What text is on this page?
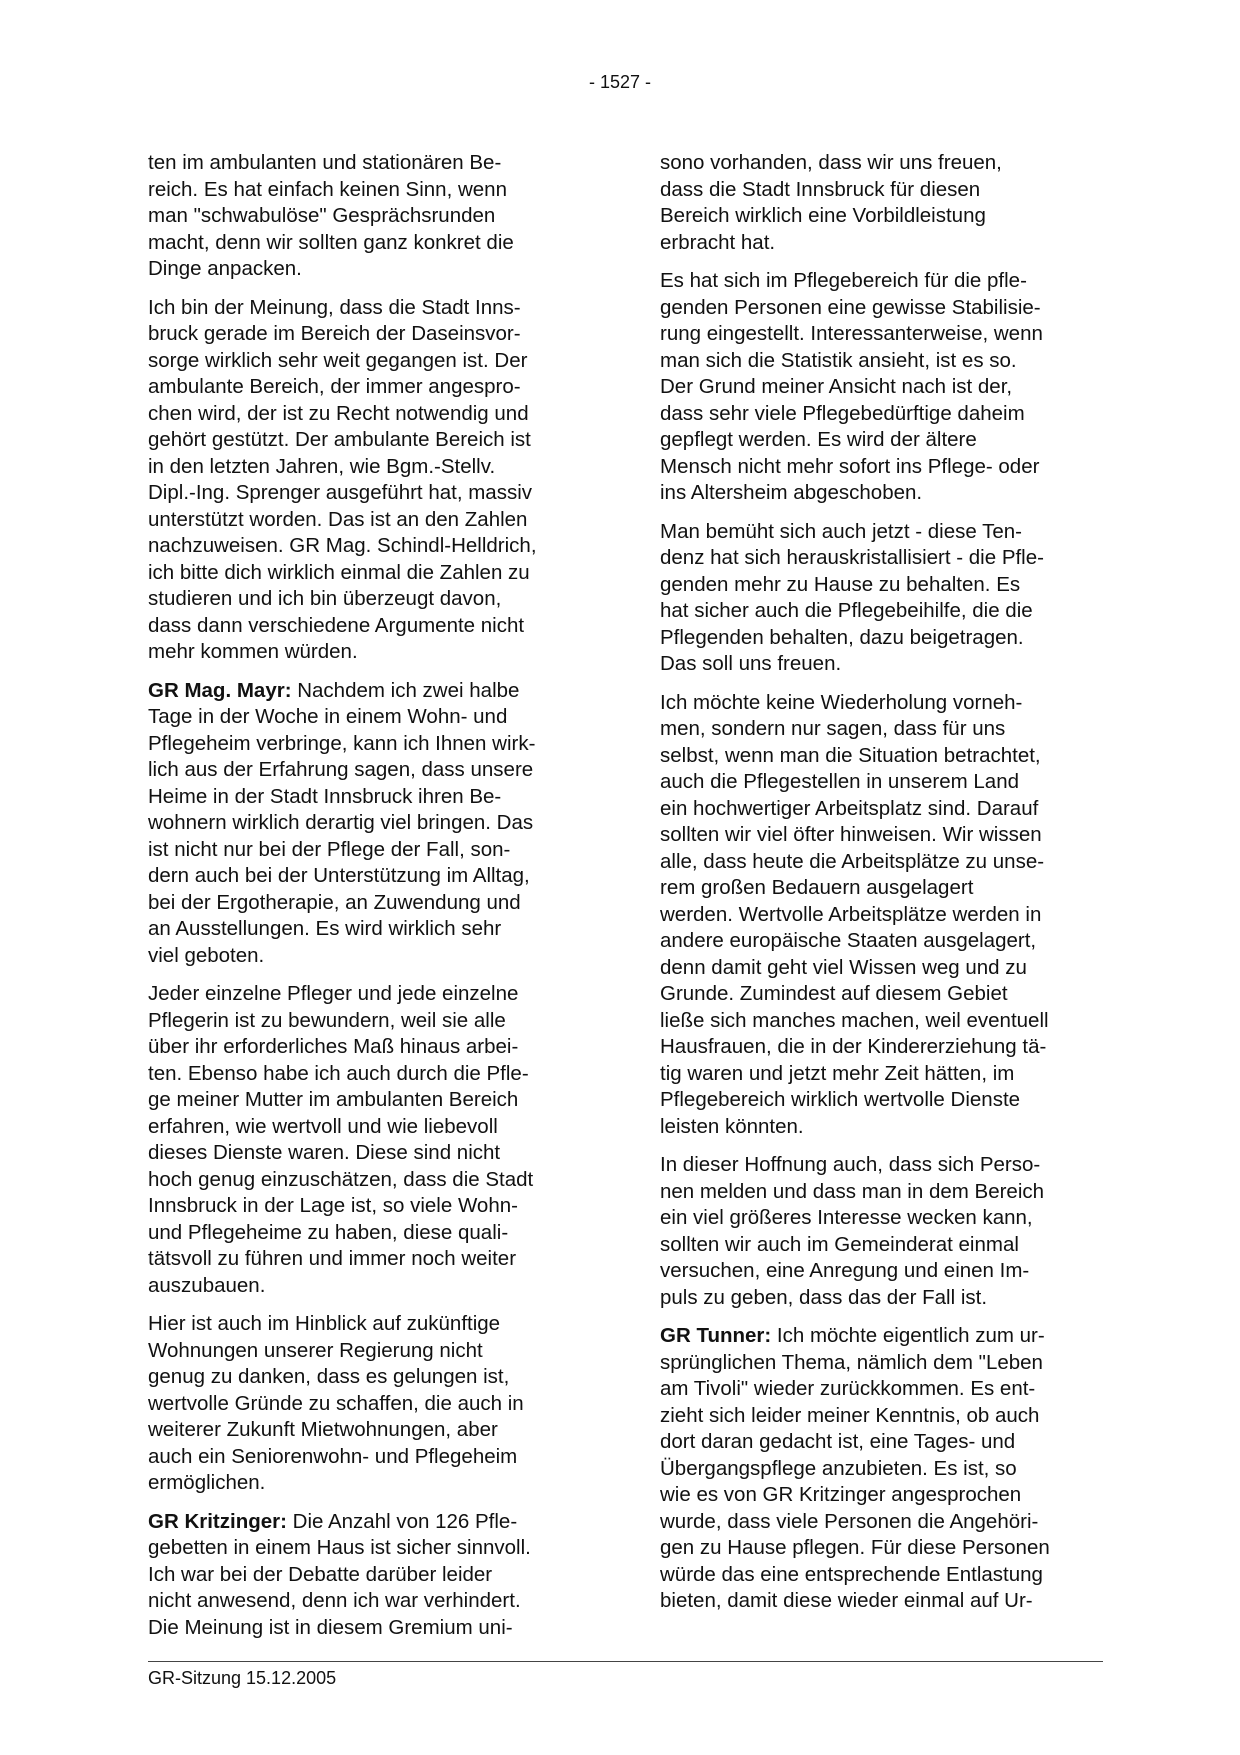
- 1527 -

ten im ambulanten und stationären Be-
reich. Es hat einfach keinen Sinn, wenn
man "schwabulöse" Gesprächsrunden
macht, denn wir sollten ganz konkret die
Dinge anpacken.

Ich bin der Meinung, dass die Stadt Inns-
bruck gerade im Bereich der Daseinsvor-
sorge wirklich sehr weit gegangen ist. Der
ambulante Bereich, der immer angespro-
chen wird, der ist zu Recht notwendig und
gehört gestützt. Der ambulante Bereich ist
in den letzten Jahren, wie Bgm.-Stellv.
Dipl.-Ing. Sprenger ausgeführt hat, massiv
unterstützt worden. Das ist an den Zahlen
nachzuweisen. GR Mag. Schindl-Helldrich,
ich bitte dich wirklich einmal die Zahlen zu
studieren und ich bin überzeugt davon,
dass dann verschiedene Argumente nicht
mehr kommen würden.

GR Mag. Mayr: Nachdem ich zwei halbe
Tage in der Woche in einem Wohn- und
Pflegeheim verbringe, kann ich Ihnen wirk-
lich aus der Erfahrung sagen, dass unsere
Heime in der Stadt Innsbruck ihren Be-
wohnern wirklich derartig viel bringen. Das
ist nicht nur bei der Pflege der Fall, son-
dern auch bei der Unterstützung im Alltag,
bei der Ergotherapie, an Zuwendung und
an Ausstellungen. Es wird wirklich sehr
viel geboten.

Jeder einzelne Pfleger und jede einzelne
Pflegerin ist zu bewundern, weil sie alle
über ihr erforderliches Maß hinaus arbei-
ten. Ebenso habe ich auch durch die Pfle-
ge meiner Mutter im ambulanten Bereich
erfahren, wie wertvoll und wie liebevoll
dieses Dienste waren. Diese sind nicht
hoch genug einzuschätzen, dass die Stadt
Innsbruck in der Lage ist, so viele Wohn-
und Pflegeheime zu haben, diese quali-
tätsvoll zu führen und immer noch weiter
auszubauen.

Hier ist auch im Hinblick auf zukünftige
Wohnungen unserer Regierung nicht
genug zu danken, dass es gelungen ist,
wertvolle Gründe zu schaffen, die auch in
weiterer Zukunft Mietwohnungen, aber
auch ein Seniorenwohn- und Pflegeheim
ermöglichen.

GR Kritzinger: Die Anzahl von 126 Pfle-
gebetten in einem Haus ist sicher sinnvoll.
Ich war bei der Debatte darüber leider
nicht anwesend, denn ich war verhindert.
Die Meinung ist in diesem Gremium uni-

sono vorhanden, dass wir uns freuen,
dass die Stadt Innsbruck für diesen
Bereich wirklich eine Vorbildleistung
erbracht hat.

Es hat sich im Pflegebereich für die pfle-
genden Personen eine gewisse Stabilisie-
rung eingestellt. Interessanterweise, wenn
man sich die Statistik ansieht, ist es so.
Der Grund meiner Ansicht nach ist der,
dass sehr viele Pflegebedürftige daheim
gepflegt werden. Es wird der ältere
Mensch nicht mehr sofort ins Pflege- oder
ins Altersheim abgeschoben.

Man bemüht sich auch jetzt - diese Ten-
denz hat sich herauskristallisiert - die Pfle-
genden mehr zu Hause zu behalten. Es
hat sicher auch die Pflegebeihilfe, die die
Pflegenden behalten, dazu beigetragen.
Das soll uns freuen.

Ich möchte keine Wiederholung vorneh-
men, sondern nur sagen, dass für uns
selbst, wenn man die Situation betrachtet,
auch die Pflegestellen in unserem Land
ein hochwertiger Arbeitsplatz sind. Darauf
sollten wir viel öfter hinweisen. Wir wissen
alle, dass heute die Arbeitsplätze zu unse-
rem großen Bedauern ausgelagert
werden. Wertvolle Arbeitsplätze werden in
andere europäische Staaten ausgelagert,
denn damit geht viel Wissen weg und zu
Grunde. Zumindest auf diesem Gebiet
ließe sich manches machen, weil eventuell
Hausfrauen, die in der Kindererziehung tä-
tig waren und jetzt mehr Zeit hätten, im
Pflegebereich wirklich wertvolle Dienste
leisten könnten.

In dieser Hoffnung auch, dass sich Perso-
nen melden und dass man in dem Bereich
ein viel größeres Interesse wecken kann,
sollten wir auch im Gemeinderat einmal
versuchen, eine Anregung und einen Im-
puls zu geben, dass das der Fall ist.

GR Tunner: Ich möchte eigentlich zum ur-
sprünglichen Thema, nämlich dem "Leben
am Tivoli" wieder zurückkommen. Es ent-
zieht sich leider meiner Kenntnis, ob auch
dort daran gedacht ist, eine Tages- und
Übergangspflege anzubieten. Es ist, so
wie es von GR Kritzinger angesprochen
wurde, dass viele Personen die Angehöri-
gen zu Hause pflegen. Für diese Personen
würde das eine entsprechende Entlastung
bieten, damit diese wieder einmal auf Ur-

GR-Sitzung 15.12.2005
